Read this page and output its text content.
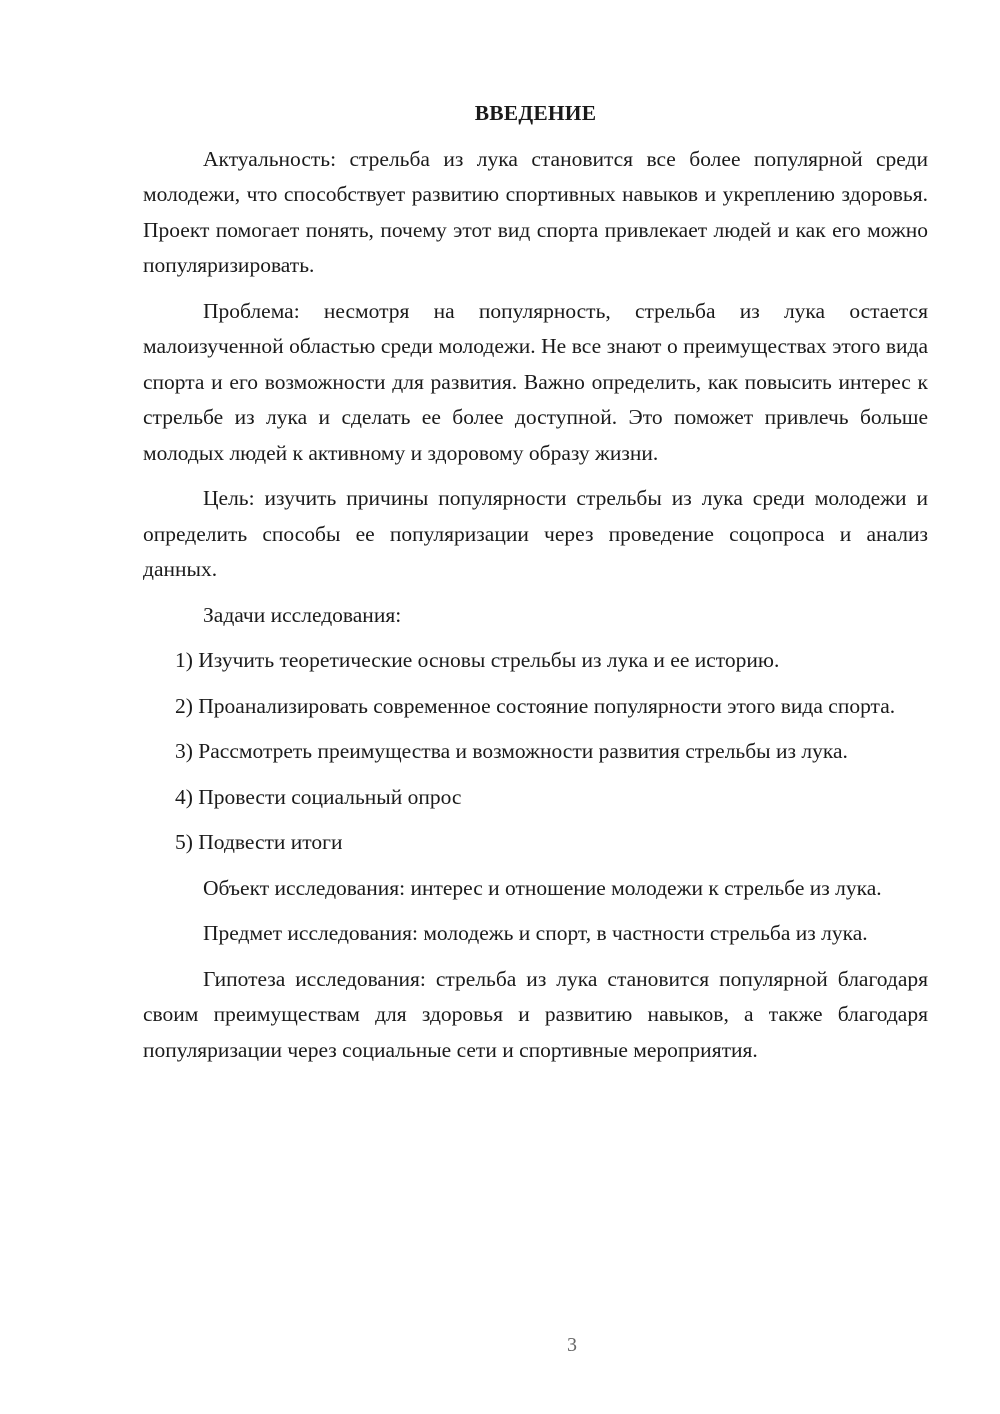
ВВЕДЕНИЕ

Актуальность: стрельба из лука становится все более популярной среди молодежи, что способствует развитию спортивных навыков и укреплению здоровья. Проект помогает понять, почему этот вид спорта привлекает людей и как его можно популяризировать.

Проблема: несмотря на популярность, стрельба из лука остается малоизученной областью среди молодежи. Не все знают о преимуществах этого вида спорта и его возможности для развития. Важно определить, как повысить интерес к стрельбе из лука и сделать ее более доступной. Это поможет привлечь больше молодых людей к активному и здоровому образу жизни.

Цель: изучить причины популярности стрельбы из лука среди молодежи и определить способы ее популяризации через проведение соцопроса и анализ данных.

Задачи исследования:

1) Изучить теоретические основы стрельбы из лука и ее историю.

2) Проанализировать современное состояние популярности этого вида спорта.

3) Рассмотреть преимущества и возможности развития стрельбы из лука.

4) Провести социальный опрос

5) Подвести итоги

Объект исследования: интерес и отношение молодежи к стрельбе из лука.

Предмет исследования: молодежь и спорт, в частности стрельба из лука.

Гипотеза исследования: стрельба из лука становится популярной благодаря своим преимуществам для здоровья и развитию навыков, а также благодаря популяризации через социальные сети и спортивные мероприятия.

3
